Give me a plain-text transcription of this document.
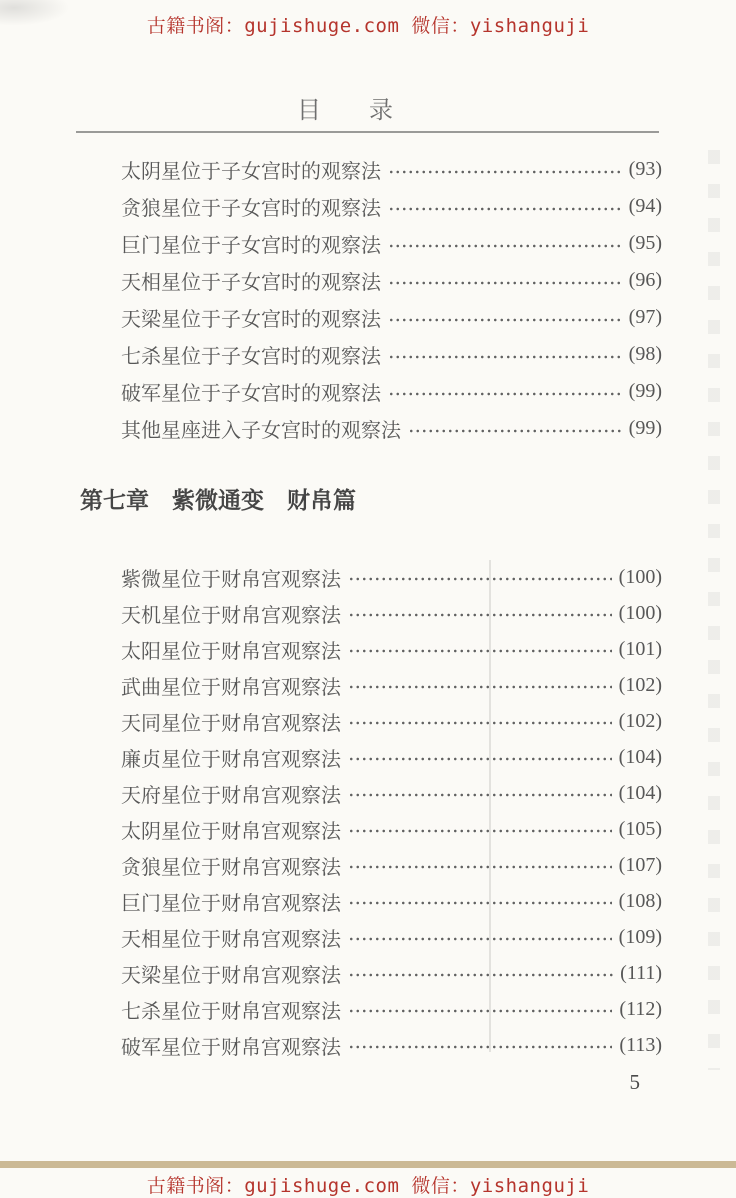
古籍书阁：gujishuge.com 微信：yishanguji
目　　录
太阴星位于子女宫时的观察法	(93)
贪狼星位于子女宫时的观察法	(94)
巨门星位于子女宫时的观察法	(95)
天相星位于子女宫时的观察法	(96)
天梁星位于子女宫时的观察法	(97)
七杀星位于子女宫时的观察法	(98)
破军星位于子女宫时的观察法	(99)
其他星座进入子女宫时的观察法	(99)
第七章　紫微通变　财帛篇
紫微星位于财帛宫观察法	(100)
天机星位于财帛宫观察法	(100)
太阳星位于财帛宫观察法	(101)
武曲星位于财帛宫观察法	(102)
天同星位于财帛宫观察法	(102)
廉贞星位于财帛宫观察法	(104)
天府星位于财帛宫观察法	(104)
太阴星位于财帛宫观察法	(105)
贪狼星位于财帛宫观察法	(107)
巨门星位于财帛宫观察法	(108)
天相星位于财帛宫观察法	(109)
天梁星位于财帛宫观察法	(111)
七杀星位于财帛宫观察法	(112)
破军星位于财帛宫观察法	(113)
5
古籍书阁：gujishuge.com 微信：yishanguji
